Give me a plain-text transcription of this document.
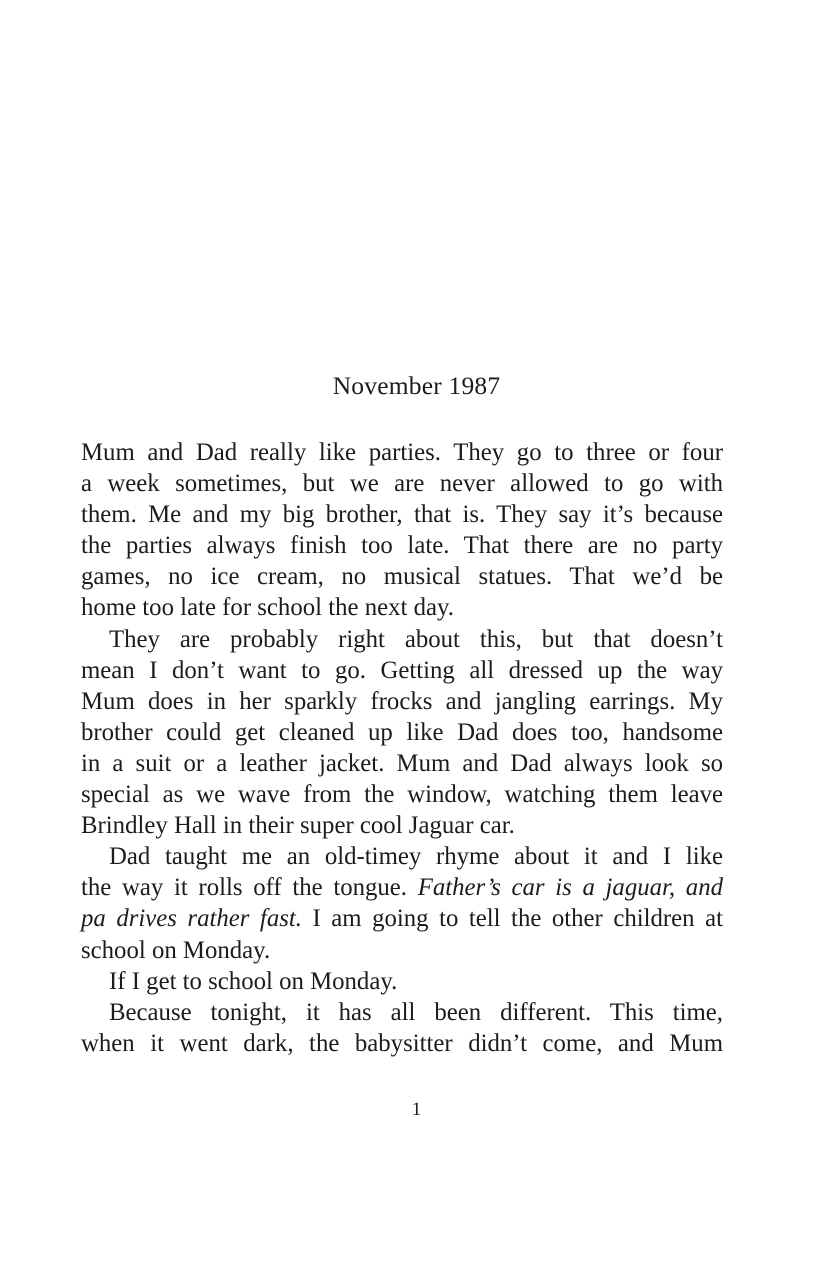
November 1987
Mum and Dad really like parties. They go to three or four
a week sometimes, but we are never allowed to go with
them. Me and my big brother, that is. They say it’s because
the parties always finish too late. That there are no party
games, no ice cream, no musical statues. That we’d be
home too late for school the next day.
They are probably right about this, but that doesn’t
mean I don’t want to go. Getting all dressed up the way
Mum does in her sparkly frocks and jangling earrings. My
brother could get cleaned up like Dad does too, handsome
in a suit or a leather jacket. Mum and Dad always look so
special as we wave from the window, watching them leave
Brindley Hall in their super cool Jaguar car.
Dad taught me an old-timey rhyme about it and I like
the way it rolls off the tongue. Father’s car is a jaguar, and
pa drives rather fast. I am going to tell the other children at
school on Monday.
If I get to school on Monday.
Because tonight, it has all been different. This time,
when it went dark, the babysitter didn’t come, and Mum
1
